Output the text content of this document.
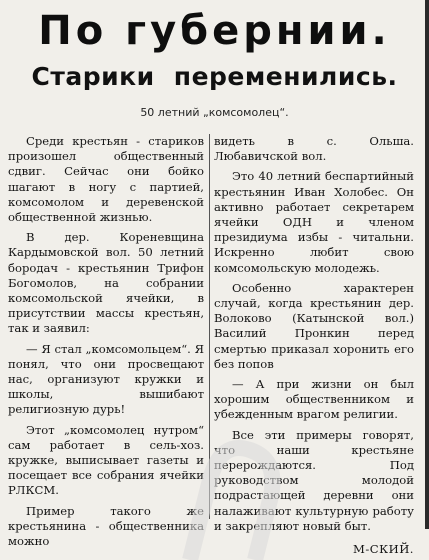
По губернии.
Старики переменились.
50 летний „комсомолец“.

Среди крестьян - стариков произошел общественный сдвиг. Сейчас они бойко шагают в ногу с партией, комсомолом и деревенской общественной жизнью.

В дер. Кореневщина Кардымовской вол. 50 летний бородач - крестьянин Трифон Богомолов, на собрании комсомольской ячейки, в присутствии массы крестьян, так и заявил:

— Я стал „комсомольцем“. Я понял, что они просвещают нас, организуют кружки и школы, вышибают религиозную дурь!

Этот „комсомолец нутром“ сам работает в сель-хоз. кружке, выписывает газеты и посещает все собрания ячейки РЛКСМ.

Пример такого же крестьянина - общественника можно

видеть в с. Ольша. Любавичской вол.

Это 40 летний беспартийный крестьянин Иван Холобес. Он активно работает секретарем ячейки ОДН и членом президиума избы - читальни. Искренно любит свою комсомольскую молодежь.

Особенно характерен случай, когда крестьянин дер. Волоково (Катынской вол.) Василий Пронкин перед смертью приказал хоронить его без попов

— А при жизни он был хорошим общественником и убежденным врагом религии.

Все эти примеры говорят, что наши крестьяне перерождаются. Под руководством молодой подрастающей деревни они налаживают культурную работу и закрепляют новый быт.

М-СКИЙ.
